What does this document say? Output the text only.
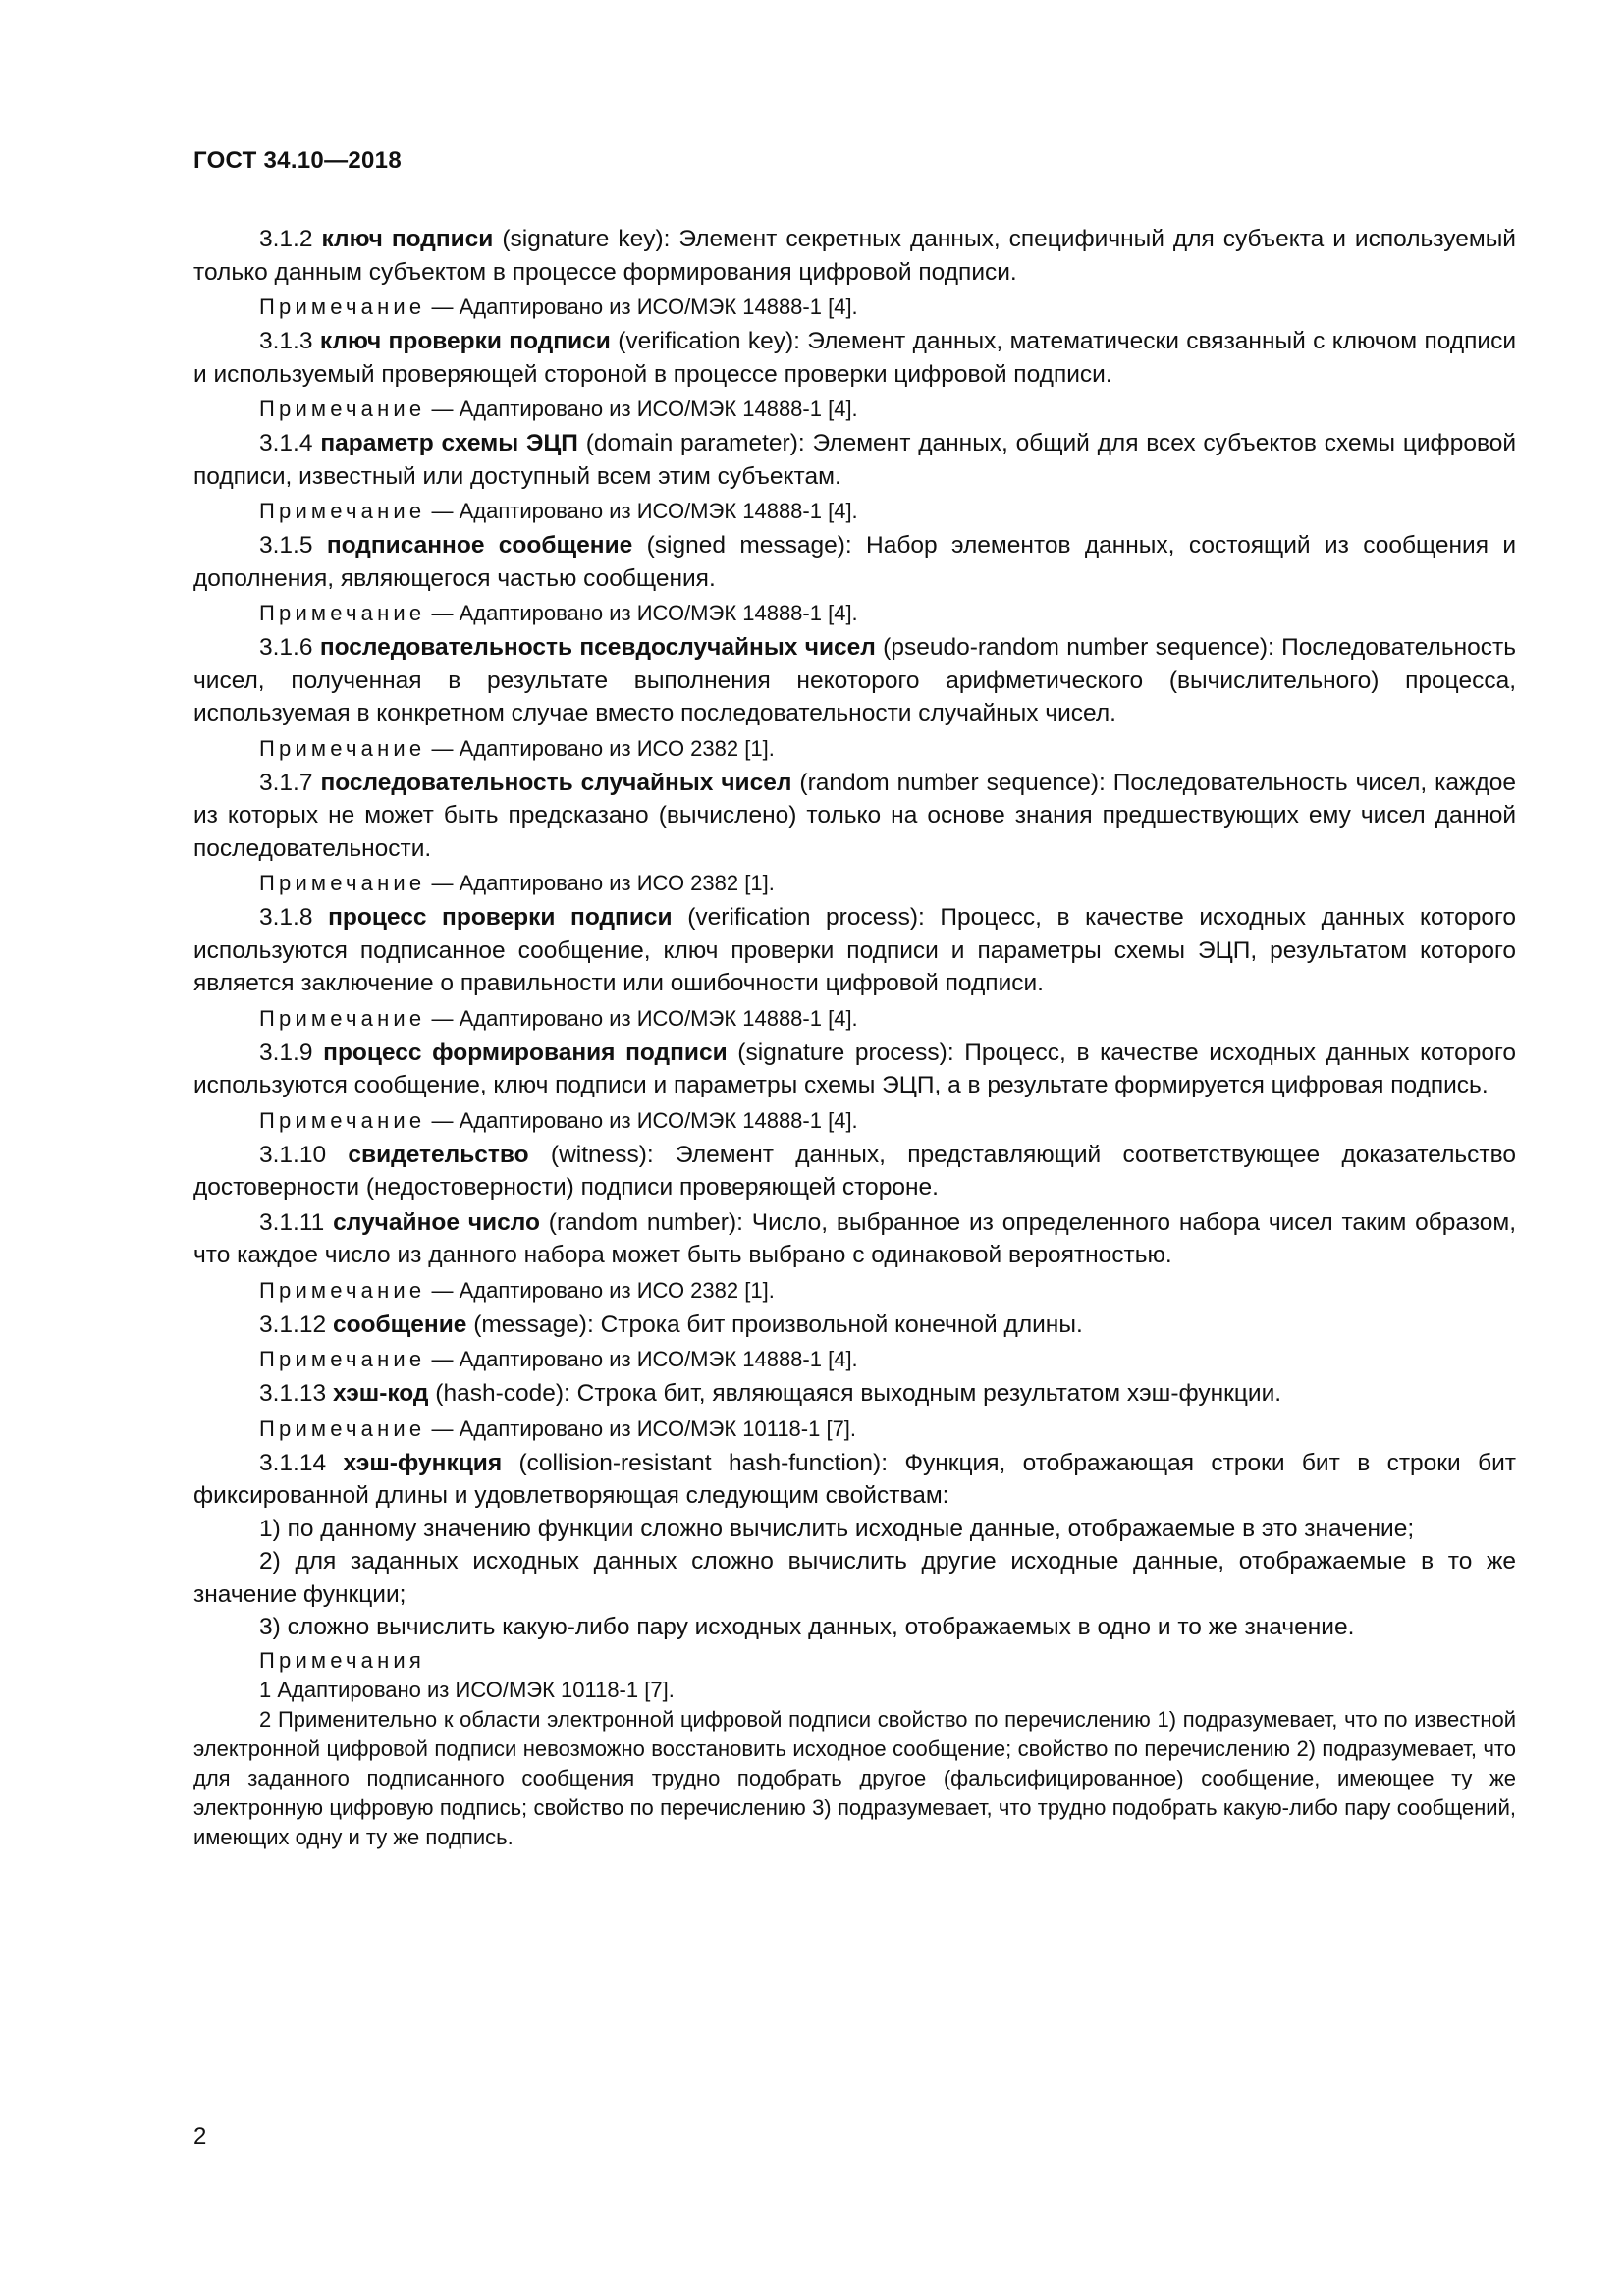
ГОСТ 34.10—2018

3.1.2 ключ подписи (signature key): Элемент секретных данных, специфичный для субъекта и используемый только данным субъектом в процессе формирования цифровой подписи.

Примечание — Адаптировано из ИСО/МЭК 14888-1 [4].

3.1.3 ключ проверки подписи (verification key): Элемент данных, математически связанный с ключом подписи и используемый проверяющей стороной в процессе проверки цифровой подписи.

Примечание — Адаптировано из ИСО/МЭК 14888-1 [4].

3.1.4 параметр схемы ЭЦП (domain parameter): Элемент данных, общий для всех субъектов схемы цифровой подписи, известный или доступный всем этим субъектам.

Примечание — Адаптировано из ИСО/МЭК 14888-1 [4].

3.1.5 подписанное сообщение (signed message): Набор элементов данных, состоящий из сообщения и дополнения, являющегося частью сообщения.

Примечание — Адаптировано из ИСО/МЭК 14888-1 [4].

3.1.6 последовательность псевдослучайных чисел (pseudo-random number sequence): Последовательность чисел, полученная в результате выполнения некоторого арифметического (вычислительного) процесса, используемая в конкретном случае вместо последовательности случайных чисел.

Примечание — Адаптировано из ИСО 2382 [1].

3.1.7 последовательность случайных чисел (random number sequence): Последовательность чисел, каждое из которых не может быть предсказано (вычислено) только на основе знания предшествующих ему чисел данной последовательности.

Примечание — Адаптировано из ИСО 2382 [1].

3.1.8 процесс проверки подписи (verification process): Процесс, в качестве исходных данных которого используются подписанное сообщение, ключ проверки подписи и параметры схемы ЭЦП, результатом которого является заключение о правильности или ошибочности цифровой подписи.

Примечание — Адаптировано из ИСО/МЭК 14888-1 [4].

3.1.9 процесс формирования подписи (signature process): Процесс, в качестве исходных данных которого используются сообщение, ключ подписи и параметры схемы ЭЦП, а в результате формируется цифровая подпись.

Примечание — Адаптировано из ИСО/МЭК 14888-1 [4].

3.1.10 свидетельство (witness): Элемент данных, представляющий соответствующее доказательство достоверности (недостоверности) подписи проверяющей стороне.

3.1.11 случайное число (random number): Число, выбранное из определенного набора чисел таким образом, что каждое число из данного набора может быть выбрано с одинаковой вероятностью.

Примечание — Адаптировано из ИСО 2382 [1].

3.1.12 сообщение (message): Строка бит произвольной конечной длины.

Примечание — Адаптировано из ИСО/МЭК 14888-1 [4].

3.1.13 хэш-код (hash-code): Строка бит, являющаяся выходным результатом хэш-функции.

Примечание — Адаптировано из ИСО/МЭК 10118-1 [7].

3.1.14 хэш-функция (collision-resistant hash-function): Функция, отображающая строки бит в строки бит фиксированной длины и удовлетворяющая следующим свойствам:

1) по данному значению функции сложно вычислить исходные данные, отображаемые в это значение;

2) для заданных исходных данных сложно вычислить другие исходные данные, отображаемые в то же значение функции;

3) сложно вычислить какую-либо пару исходных данных, отображаемых в одно и то же значение.

Примечания

1 Адаптировано из ИСО/МЭК 10118-1 [7].

2 Применительно к области электронной цифровой подписи свойство по перечислению 1) подразумевает, что по известной электронной цифровой подписи невозможно восстановить исходное сообщение; свойство по перечислению 2) подразумевает, что для заданного подписанного сообщения трудно подобрать другое (фальсифицированное) сообщение, имеющее ту же электронную цифровую подпись; свойство по перечислению 3) подразумевает, что трудно подобрать какую-либо пару сообщений, имеющих одну и ту же подпись.

2
